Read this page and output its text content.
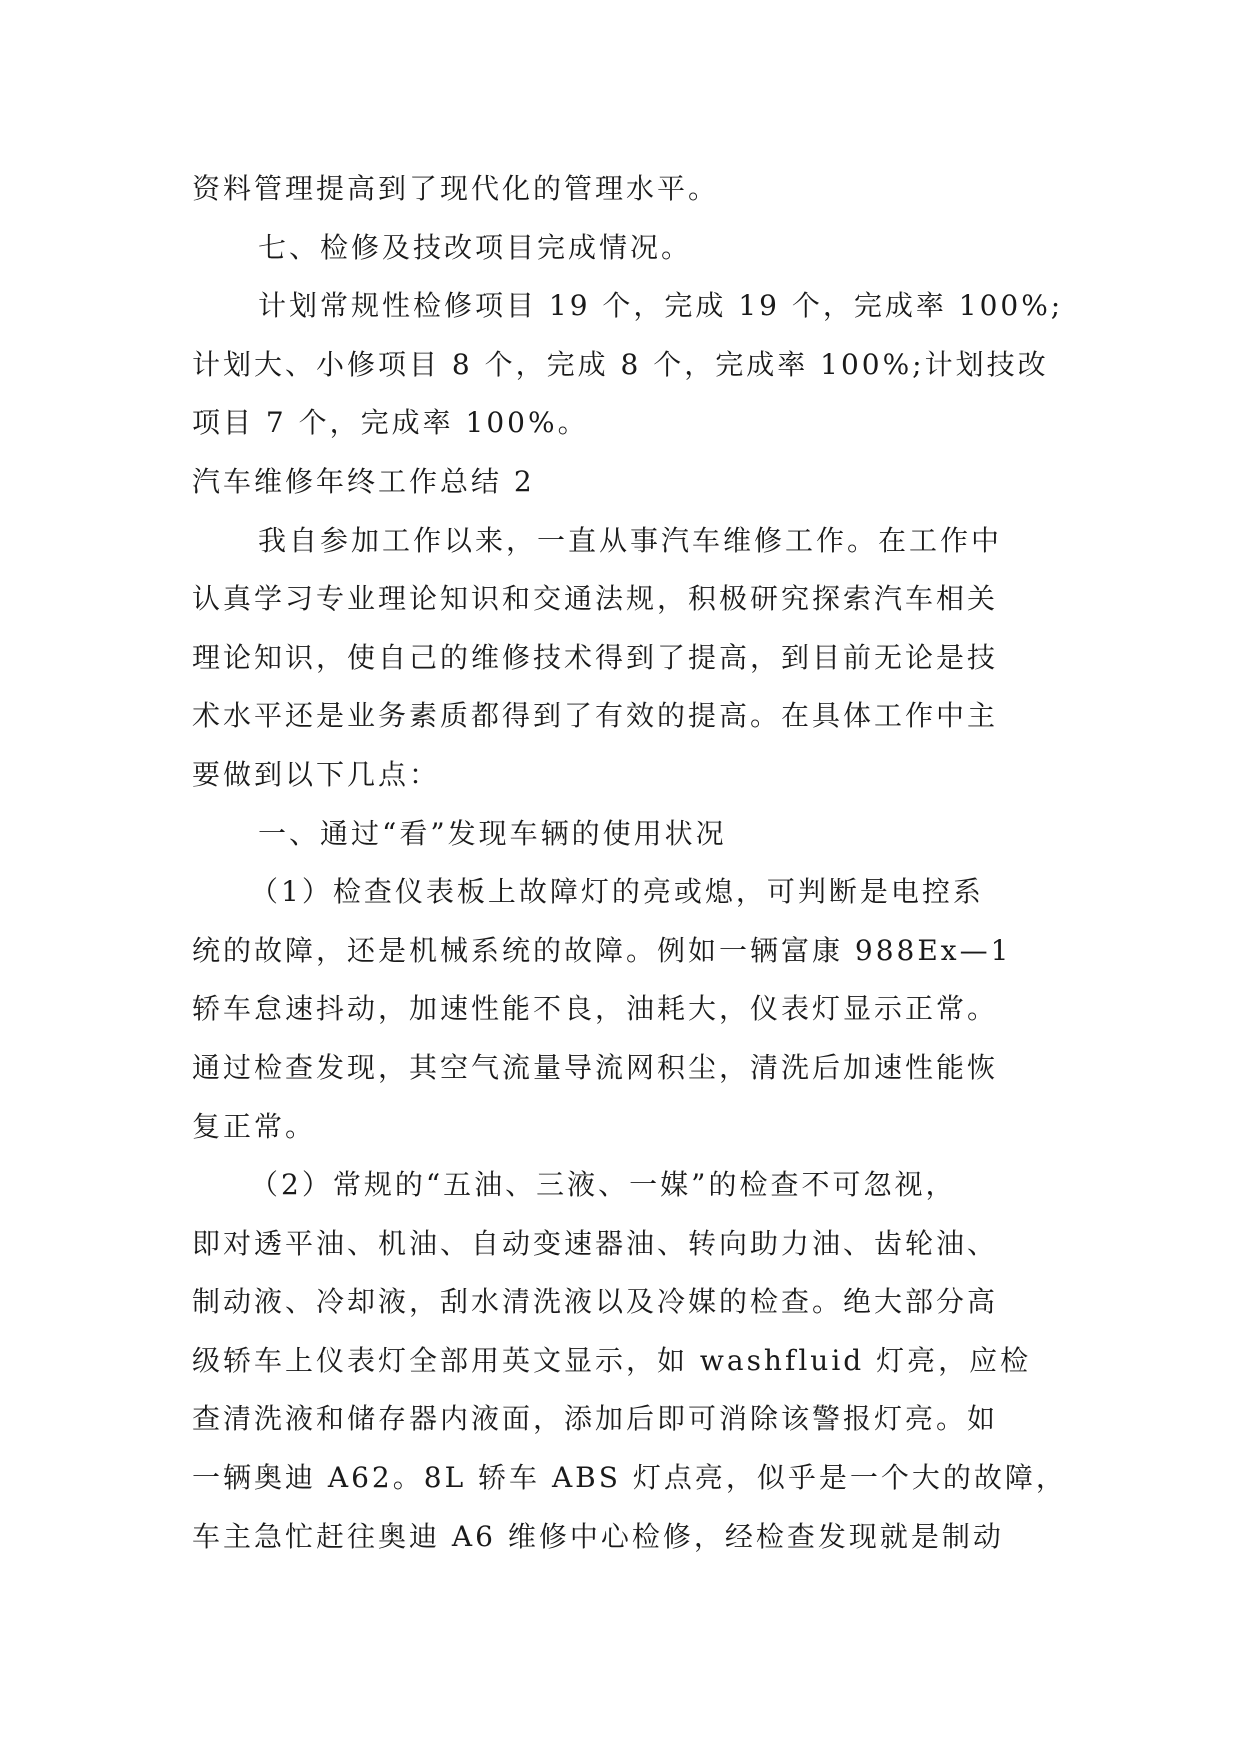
资料管理提高到了现代化的管理水平。
七、检修及技改项目完成情况。
计划常规性检修项目 19 个，完成 19 个，完成率 100%;
计划大、小修项目 8 个，完成 8 个，完成率 100%;计划技改
项目 7 个，完成率 100%。
汽车维修年终工作总结 2
我自参加工作以来，一直从事汽车维修工作。在工作中
认真学习专业理论知识和交通法规，积极研究探索汽车相关
理论知识，使自己的维修技术得到了提高，到目前无论是技
术水平还是业务素质都得到了有效的提高。在具体工作中主
要做到以下几点：
一、通过“看”发现车辆的使用状况
（1）检查仪表板上故障灯的亮或熄，可判断是电控系
统的故障，还是机械系统的故障。例如一辆富康 988Ex—1
轿车怠速抖动，加速性能不良，油耗大，仪表灯显示正常。
通过检查发现，其空气流量导流网积尘，清洗后加速性能恢
复正常。
（2）常规的“五油、三液、一媒”的检查不可忽视，
即对透平油、机油、自动变速器油、转向助力油、齿轮油、
制动液、冷却液，刮水清洗液以及冷媒的检查。绝大部分高
级轿车上仪表灯全部用英文显示，如 washfluid 灯亮，应检
查清洗液和储存器内液面，添加后即可消除该警报灯亮。如
一辆奥迪 A62。8L 轿车 ABS 灯点亮，似乎是一个大的故障，
车主急忙赶往奥迪 A6 维修中心检修，经检查发现就是制动
